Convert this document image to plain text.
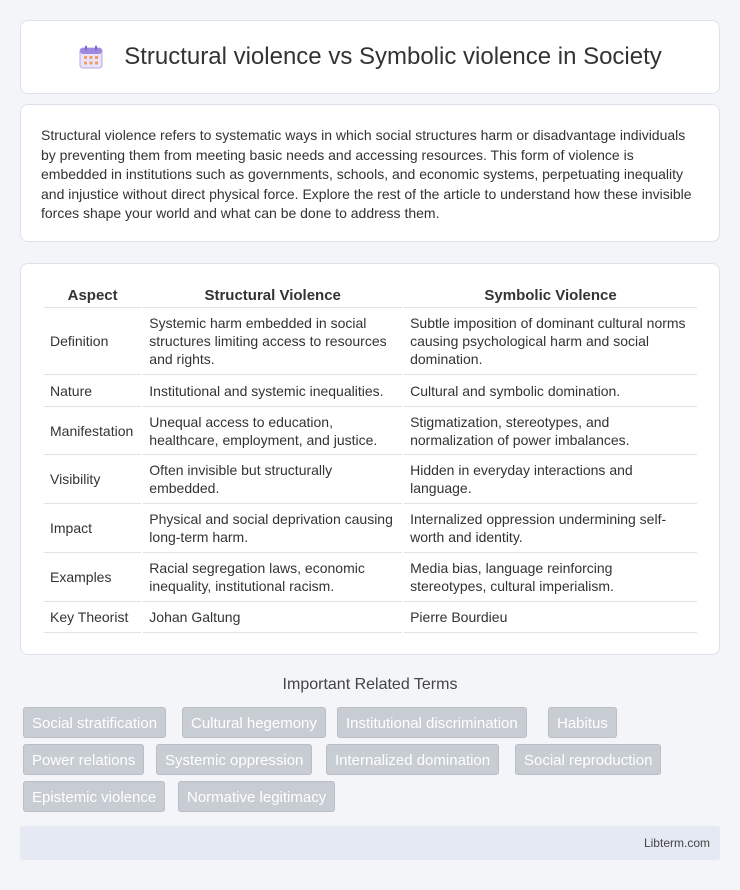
Structural violence vs Symbolic violence in Society

Structural violence refers to systematic ways in which social structures harm or disadvantage individuals by preventing them from meeting basic needs and accessing resources. This form of violence is embedded in institutions such as governments, schools, and economic systems, perpetuating inequality and injustice without direct physical force. Explore the rest of the article to understand how these invisible forces shape your world and what can be done to address them.

Aspect	Structural Violence	Symbolic Violence
Definition	Systemic harm embedded in social structures limiting access to resources and rights.	Subtle imposition of dominant cultural norms causing psychological harm and social domination.
Nature	Institutional and systemic inequalities.	Cultural and symbolic domination.
Manifestation	Unequal access to education, healthcare, employment, and justice.	Stigmatization, stereotypes, and normalization of power imbalances.
Visibility	Often invisible but structurally embedded.	Hidden in everyday interactions and language.
Impact	Physical and social deprivation causing long-term harm.	Internalized oppression undermining self-worth and identity.
Examples	Racial segregation laws, economic inequality, institutional racism.	Media bias, language reinforcing stereotypes, cultural imperialism.
Key Theorist	Johan Galtung	Pierre Bourdieu
Important Related Terms
Social stratification	Cultural hegemony	Institutional discrimination	Habitus
Power relations	Systemic oppression	Internalized domination	Social reproduction
Epistemic violence	Normative legitimacy
Libterm.com
